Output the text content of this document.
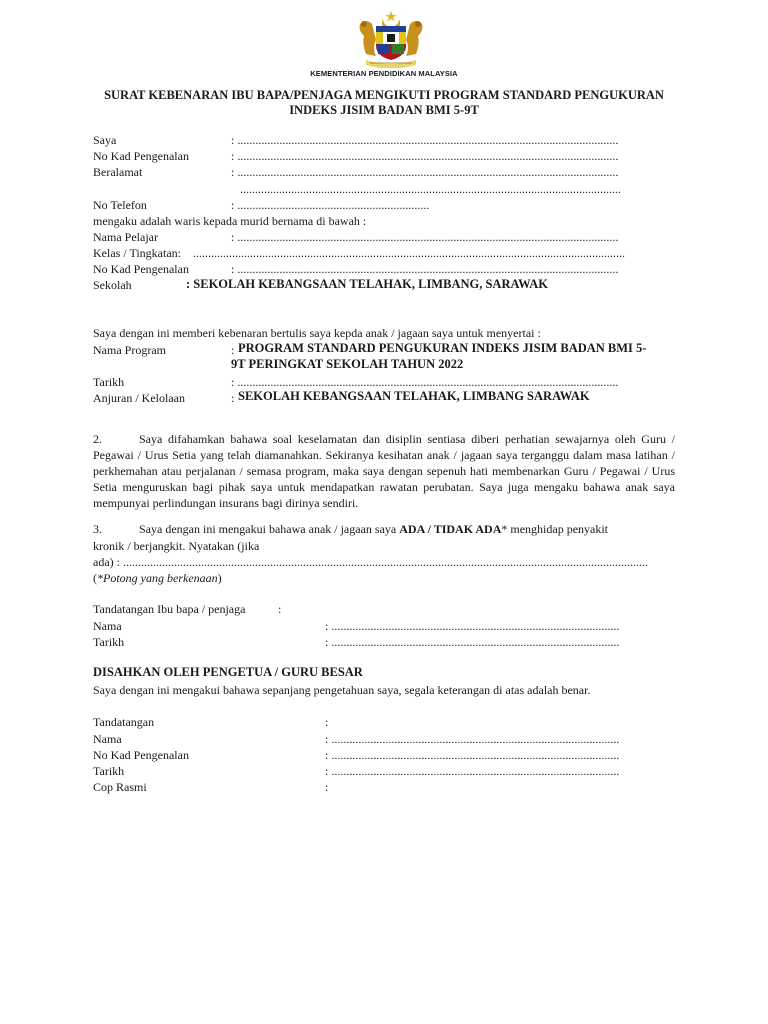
KEMENTERIAN PENDIDIKAN MALAYSIA
SURAT KEBENARAN IBU BAPA/PENJAGA MENGIKUTI PROGRAM STANDARD PENGUKURAN
INDEKS JISIM BADAN BMI 5-9T
Saya	: ...............................................................................................................................
No Kad Pengenalan	: ...............................................................................................................................
Beralamat	: ...............................................................................................................................
...............................................................................................................................
No Telefon	: ................................................................
mengaku adalah waris kepada murid bernama di bawah :
Nama Pelajar	: ...............................................................................................................................
Kelas / Tingkatan: ................................................................................................................................................
No Kad Pengenalan	: ...............................................................................................................................
Sekolah	: SEKOLAH KEBANGSAAN TELAHAK, LIMBANG, SARAWAK
Saya dengan ini memberi kebenaran bertulis saya kepda anak / jagaan saya untuk menyertai :
Nama Program	: PROGRAM STANDARD PENGUKURAN INDEKS JISIM BADAN BMI 5-
9T PERINGKAT SEKOLAH TAHUN 2022
Tarikh	: ...............................................................................................................................
Anjuran / Kelolaan	: SEKOLAH KEBANGSAAN TELAHAK, LIMBANG SARAWAK
2.	Saya difahamkan bahawa soal keselamatan dan disiplin sentiasa diberi perhatian sewajarnya oleh Guru / Pegawai / Urus Setia yang telah diamanahkan. Sekiranya kesihatan anak / jagaan saya terganggu dalam masa latihan / perkhemahan atau perjalanan / semasa program, maka saya dengan sepenuh hati membenarkan Guru / Pegawai / Urus Setia menguruskan bagi pihak saya untuk mendapatkan rawatan perubatan. Saya juga mengaku bahawa anak saya mempunyai perlindungan insurans bagi dirinya sendiri.
3.	Saya dengan ini mengakui bahawa anak / jagaan saya ADA / TIDAK ADA* menghidap penyakit
kronik / berjangkit. Nyatakan (jika
ada) : ...............................................................................................................................................................................
(*Potong yang berkenaan)
Tandatangan Ibu bapa / penjaga	:
Nama	: ................................................................................................
Tarikh	: ................................................................................................
DISAHKAN OLEH PENGETUA / GURU BESAR
Saya dengan ini mengakui bahawa sepanjang pengetahuan saya, segala keterangan di atas adalah benar.
Tandatangan	:
Nama	: ................................................................................................
No Kad Pengenalan	: ................................................................................................
Tarikh	: ................................................................................................
Cop Rasmi	:
